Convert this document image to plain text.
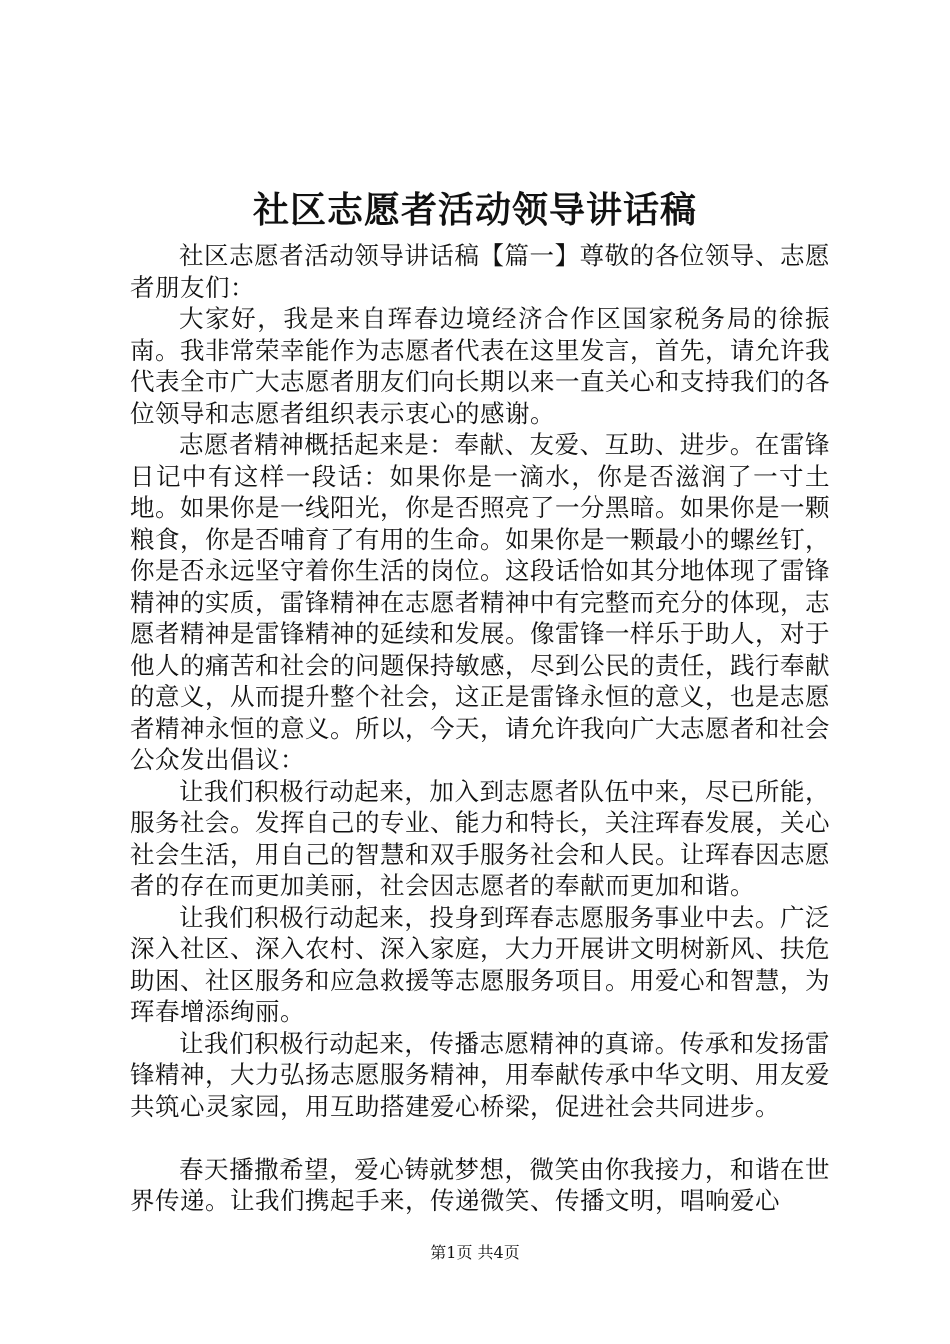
社区志愿者活动领导讲话稿

社区志愿者活动领导讲话稿【篇一】尊敬的各位领导、志愿者朋友们：

大家好，我是来自珲春边境经济合作区国家税务局的徐振南。我非常荣幸能作为志愿者代表在这里发言，首先，请允许我代表全市广大志愿者朋友们向长期以来一直关心和支持我们的各位领导和志愿者组织表示衷心的感谢。

志愿者精神概括起来是：奉献、友爱、互助、进步。在雷锋日记中有这样一段话：如果你是一滴水，你是否滋润了一寸土地。如果你是一线阳光，你是否照亮了一分黑暗。如果你是一颗粮食，你是否哺育了有用的生命。如果你是一颗最小的螺丝钉，你是否永远坚守着你生活的岗位。这段话恰如其分地体现了雷锋精神的实质，雷锋精神在志愿者精神中有完整而充分的体现，志愿者精神是雷锋精神的延续和发展。像雷锋一样乐于助人，对于他人的痛苦和社会的问题保持敏感，尽到公民的责任，践行奉献的意义，从而提升整个社会，这正是雷锋永恒的意义，也是志愿者精神永恒的意义。所以，今天，请允许我向广大志愿者和社会公众发出倡议：

让我们积极行动起来，加入到志愿者队伍中来，尽已所能，服务社会。发挥自己的专业、能力和特长，关注珲春发展，关心社会生活，用自己的智慧和双手服务社会和人民。让珲春因志愿者的存在而更加美丽，社会因志愿者的奉献而更加和谐。

让我们积极行动起来，投身到珲春志愿服务事业中去。广泛深入社区、深入农村、深入家庭，大力开展讲文明树新风、扶危助困、社区服务和应急救援等志愿服务项目。用爱心和智慧，为珲春增添绚丽。

让我们积极行动起来，传播志愿精神的真谛。传承和发扬雷锋精神，大力弘扬志愿服务精神，用奉献传承中华文明、用友爱共筑心灵家园，用互助搭建爱心桥梁，促进社会共同进步。

春天播撒希望，爱心铸就梦想，微笑由你我接力，和谐在世界传递。让我们携起手来，传递微笑、传播文明，唱响爱心

第1页 共4页
